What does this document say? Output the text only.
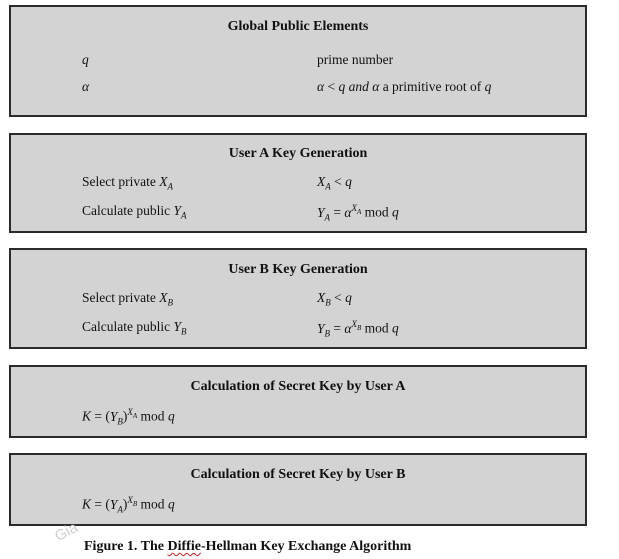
Global Public Elements
q	prime number
α	α < q and α a primitive root of q
User A Key Generation
Select private $X_A$	$X_A < q$
Calculate public $Y_A$	$Y_A = \alpha^{X_A}$ mod q
User B Key Generation
Select private $X_B$	$X_B < q$
Calculate public $Y_B$	$Y_B = \alpha^{X_B}$ mod q
Calculation of Secret Key by User A
$K = (Y_B)^{X_A}$ mod q
Calculation of Secret Key by User B
$K = (Y_A)^{X_B}$ mod q
Gia
Figure 1. The Diffie-Hellman Key Exchange Algorithm
